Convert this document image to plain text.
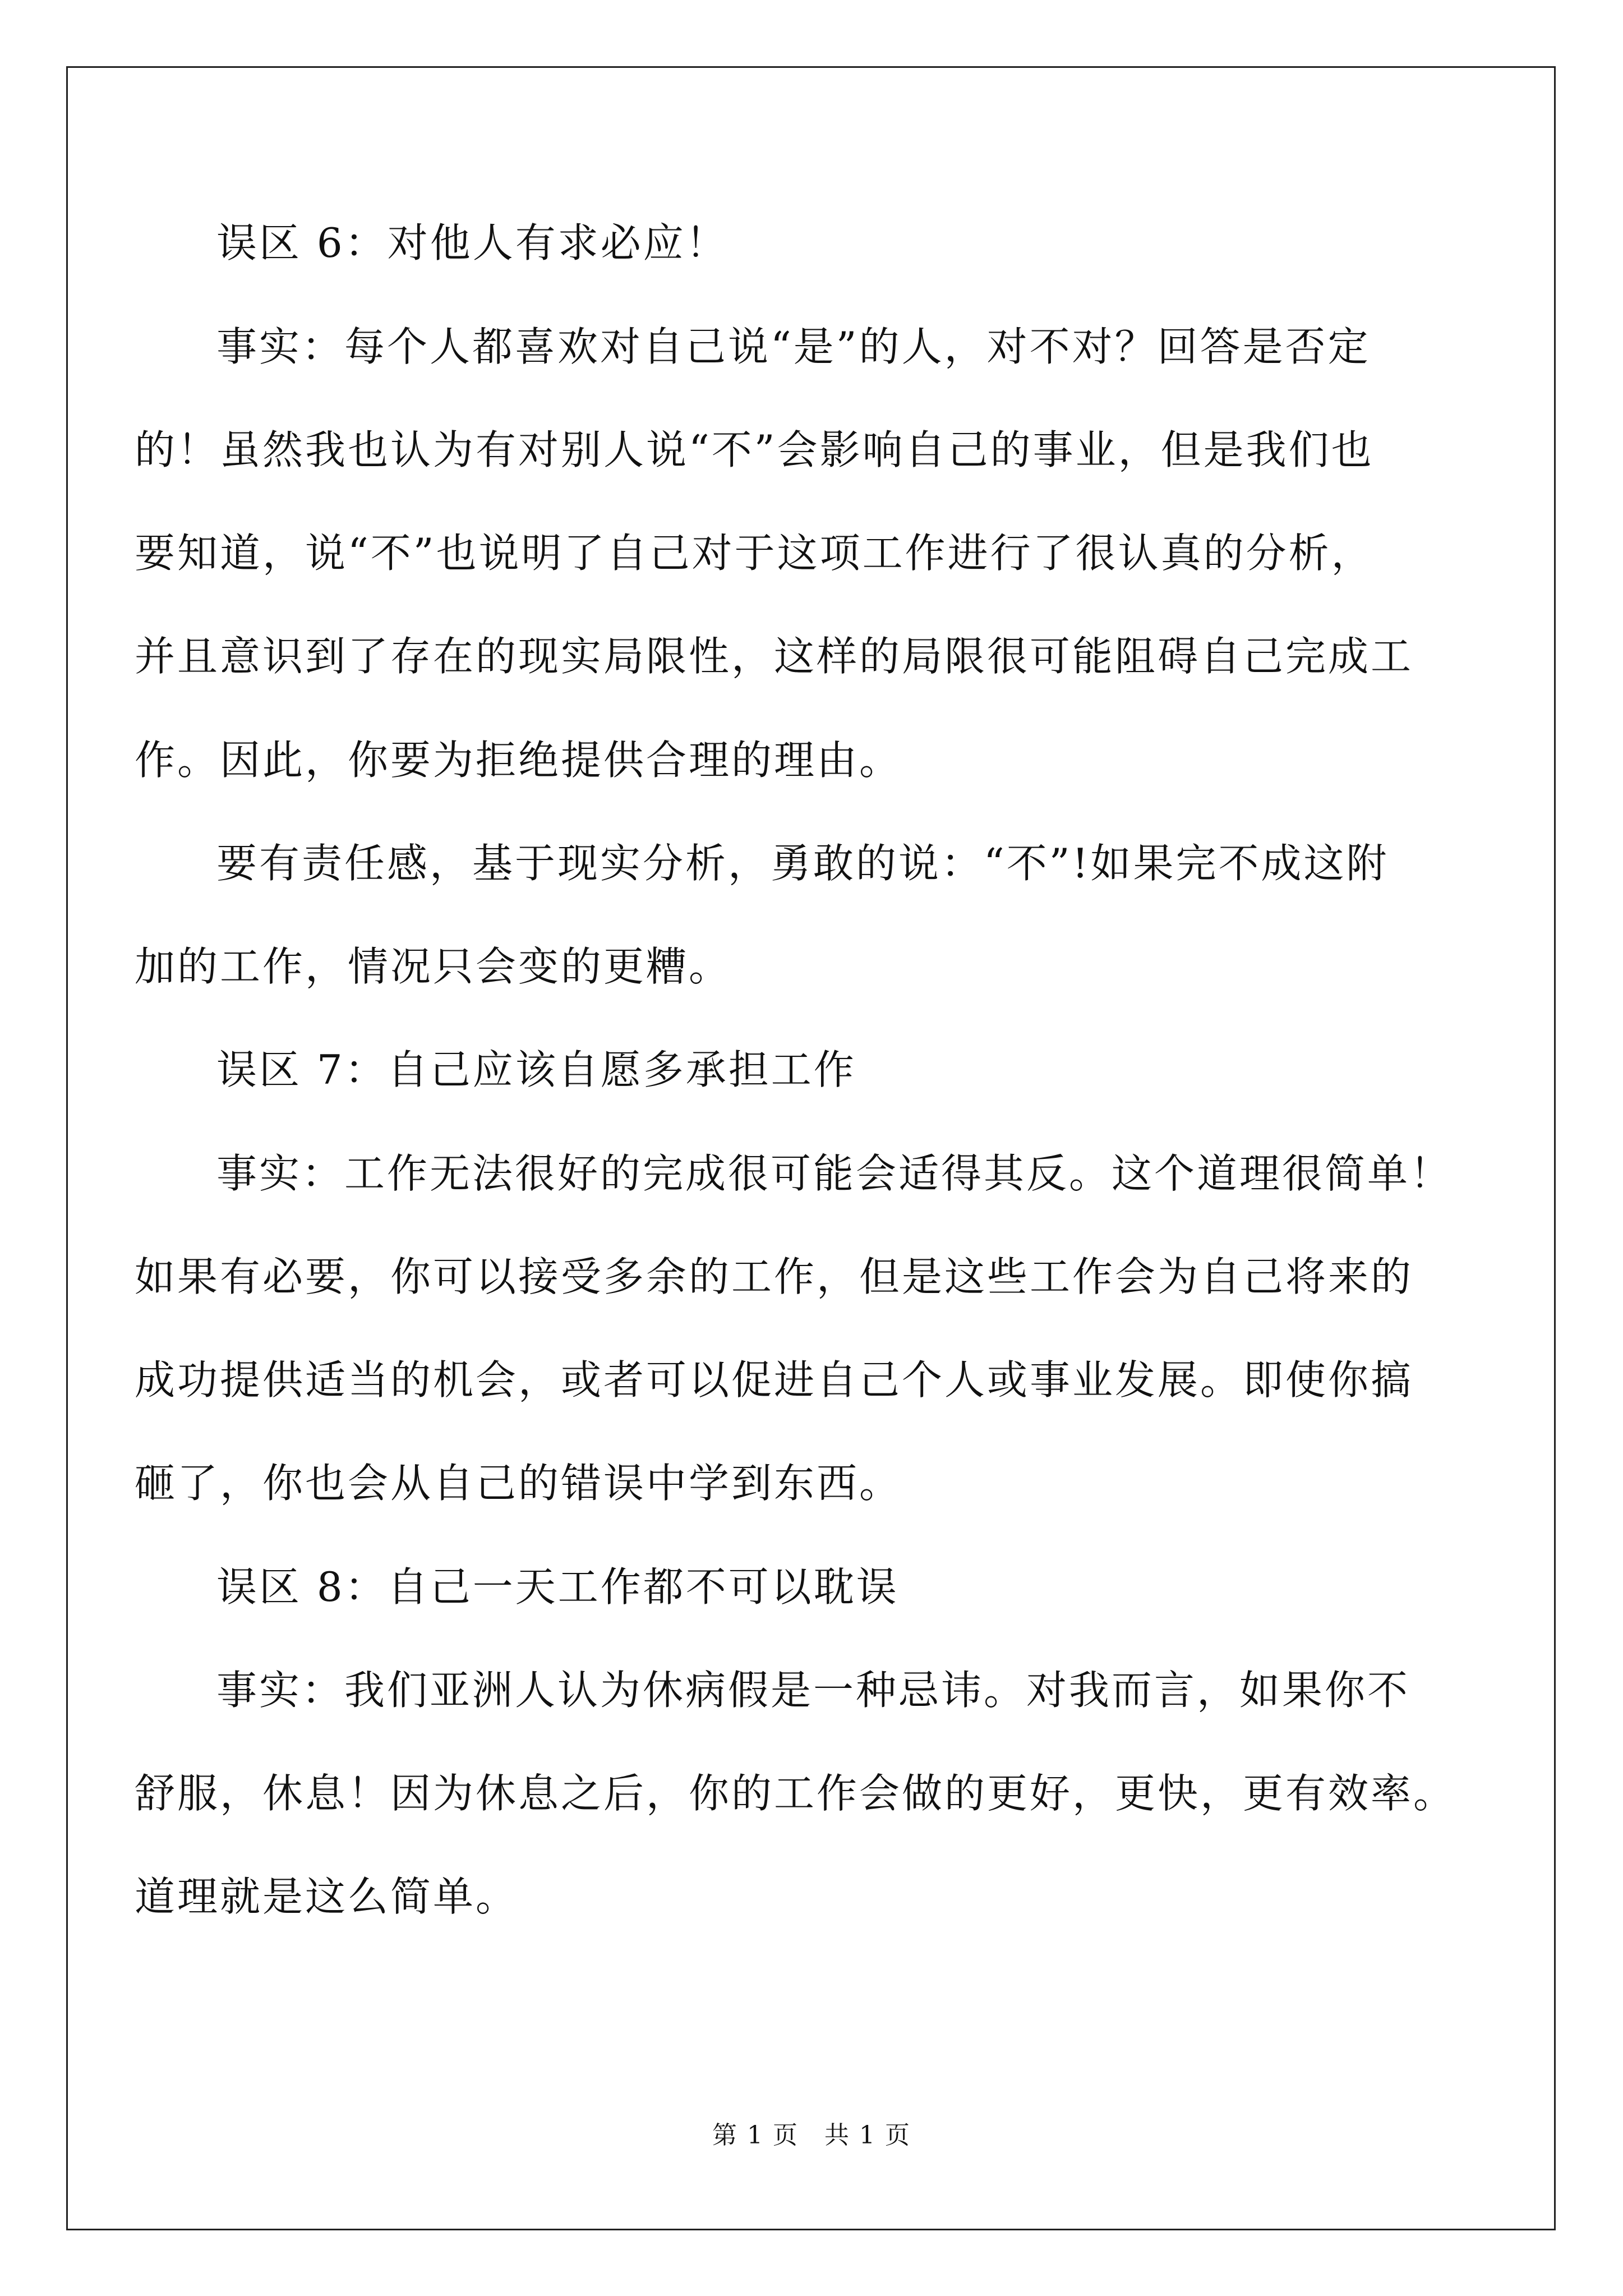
误区 6：对他人有求必应！

事实：每个人都喜欢对自己说“是”的人，对不对？回答是否定

的！虽然我也认为有对别人说“不”会影响自己的事业，但是我们也

要知道，说“不”也说明了自己对于这项工作进行了很认真的分析，

并且意识到了存在的现实局限性，这样的局限很可能阻碍自己完成工

作。因此，你要为拒绝提供合理的理由。

要有责任感，基于现实分析，勇敢的说：“不”!如果完不成这附

加的工作，情况只会变的更糟。

误区 7：自己应该自愿多承担工作

事实：工作无法很好的完成很可能会适得其反。这个道理很简单！

如果有必要，你可以接受多余的工作，但是这些工作会为自己将来的

成功提供适当的机会，或者可以促进自己个人或事业发展。即使你搞

砸了，你也会从自己的错误中学到东西。

误区 8：自己一天工作都不可以耽误

事实：我们亚洲人认为休病假是一种忌讳。对我而言，如果你不

舒服，休息！因为休息之后，你的工作会做的更好，更快，更有效率。

道理就是这么简单。

第 1 页　共 1 页
